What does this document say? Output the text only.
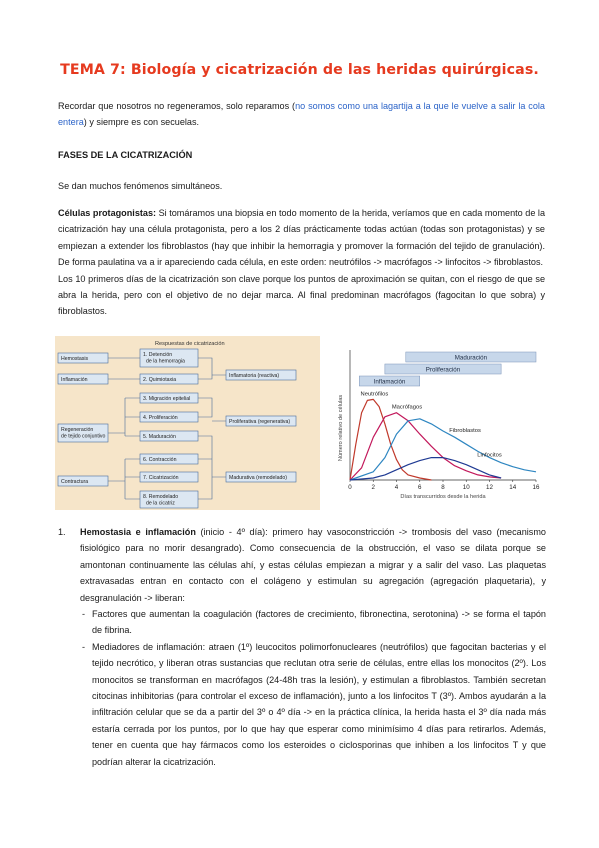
TEMA 7: Biología y cicatrización de las heridas quirúrgicas.

Recordar que nosotros no regeneramos, solo reparamos (no somos como una lagartija a la que le vuelve a salir la cola entera) y siempre es con secuelas.

FASES DE LA CICATRIZACIÓN

Se dan muchos fenómenos simultáneos.

Células protagonistas: Si tomáramos una biopsia en todo momento de la herida, veríamos que en cada momento de la cicatrización hay una célula protagonista, pero a los 2 días prácticamente todas actúan (todas son protagonistas) y se empiezan a extender los fibroblastos (hay que inhibir la hemorragia y promover la formación del tejido de granulación). De forma paulatina va a ir apareciendo cada célula, en este orden: neutrófilos -> macrófagos -> linfocitos -> fibroblastos.
Los 10 primeros días de la cicatrización son clave porque los puntos de aproximación se quitan, con el riesgo de que se abra la herida, pero con el objetivo de no dejar marca. Al final predominan macrófagos (fagocitan lo que sobra) y fibroblastos.

Respuestas de cicatrización
Hemostasis
Inflamación
Regeneración de tejido conjuntivo
Contractura
1. Detención de la hemorragia
2. Quimiotaxia
3. Migración epitelial
4. Proliferación
5. Maduración
6. Contracción
7. Cicatrización
8. Remodelado de la cicatriz
Inflamatoria (reactiva)
Proliferativa (regenerativa)
Madurativa (remodelado)
Maduración
Proliferación
Inflamación
0	2	4	6	8	10	12	14	16
Días transcurridos desde la herida
Número relativo de células
Neutrófilos
Macrófagos
Fibroblastos
Linfocitos
1. Hemostasia e inflamación (inicio - 4º día): primero hay vasoconstricción -> trombosis del vaso (mecanismo fisiológico para no morir desangrado). Como consecuencia de la obstrucción, el vaso se dilata porque se amontonan continuamente las células ahí, y estas células empiezan a migrar y a salir del vaso. Las plaquetas extravasadas entran en contacto con el colágeno y estimulan su agregación (agregación plaquetaria), y desgranulación -> liberan:
- Factores que aumentan la coagulación (factores de crecimiento, fibronectina, serotonina) -> se forma el tapón de fibrina.
- Mediadores de inflamación: atraen (1º) leucocitos polimorfonucleares (neutrófilos) que fagocitan bacterias y el tejido necrótico, y liberan otras sustancias que reclutan otra serie de células, entre ellas los monocitos (2º). Los monocitos se transforman en macrófagos (24-48h tras la lesión), y estimulan a fibroblastos. También secretan citocinas inhibitorias (para controlar el exceso de inflamación), junto a los linfocitos T (3º). Ambos ayudarán a la infiltración celular que se da a partir del 3º o 4º día -> en la práctica clínica, la herida hasta el 3º día nada más estaría cerrada por los puntos, por lo que hay que esperar como minimísimo 4 días para retirarlos. Además, tener en cuenta que hay fármacos como los esteroides o ciclosporinas que inhiben a los linfocitos T y que podrían alterar la cicatrización.
